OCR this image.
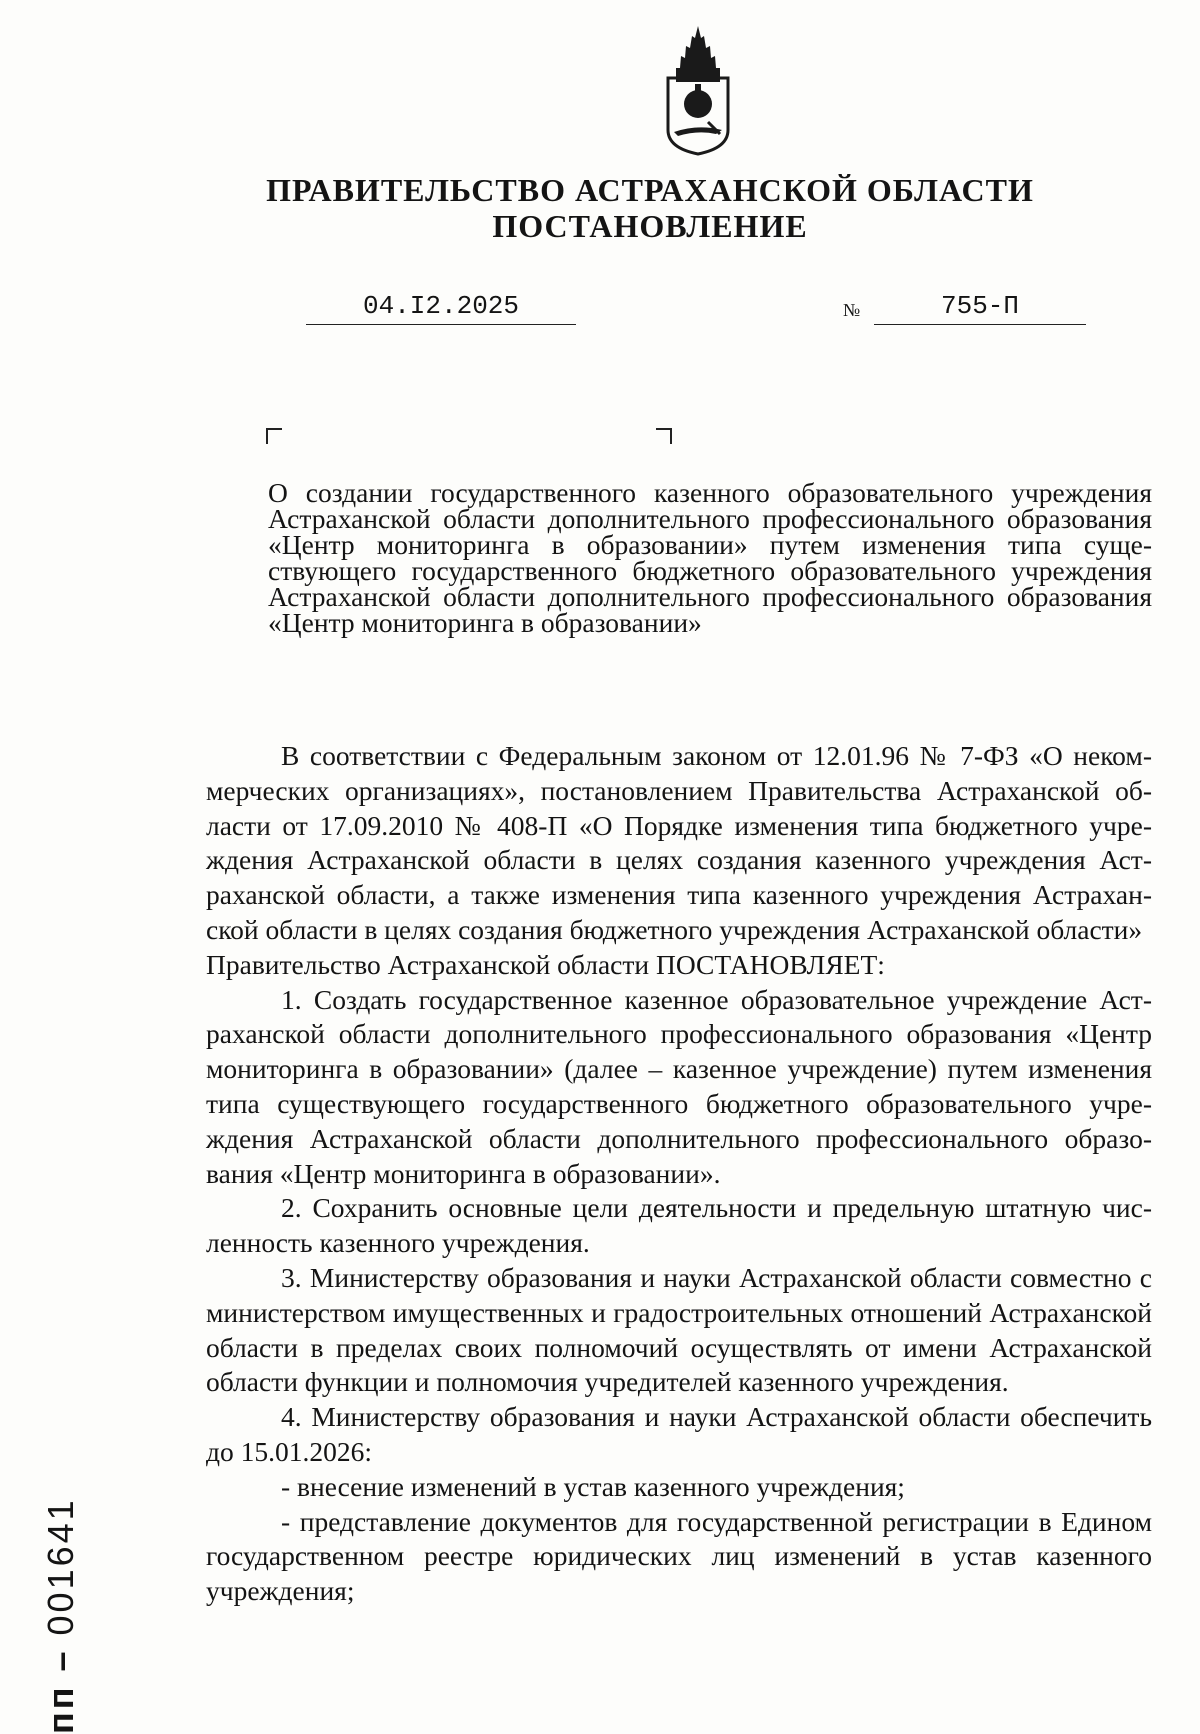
ПРАВИТЕЛЬСТВО АСТРАХАНСКОЙ ОБЛАСТИ
ПОСТАНОВЛЕНИЕ
04.I2.2025	№	755-П
О создании государственного казенного образовательного учреждения Астраханской области дополнительного профессионального образования «Центр мониторинга в образовании» путем изменения типа существующего государственного бюджетного образовательного учреждения Астраханской области дополнительного профессионального образования «Центр мониторинга в образовании»

В соответствии с Федеральным законом от 12.01.96 № 7-ФЗ «О некоммерческих организациях», постановлением Правительства Астраханской области от 17.09.2010 № 408-П «О Порядке изменения типа бюджетного учреждения Астраханской области в целях создания казенного учреждения Астраханской области, а также изменения типа казенного учреждения Астраханской области в целях создания бюджетного учреждения Астраханской области»

Правительство Астраханской области ПОСТАНОВЛЯЕТ:

1. Создать государственное казенное образовательное учреждение Астраханской области дополнительного профессионального образования «Центр мониторинга в образовании» (далее – казенное учреждение) путем изменения типа существующего государственного бюджетного образовательного учреждения Астраханской области дополнительного профессионального образования «Центр мониторинга в образовании».

2. Сохранить основные цели деятельности и предельную штатную численность казенного учреждения.

3. Министерству образования и науки Астраханской области совместно с министерством имущественных и градостроительных отношений Астраханской области в пределах своих полномочий осуществлять от имени Астраханской области функции и полномочия учредителей казенного учреждения.

4. Министерству образования и науки Астраханской области обеспечить до 15.01.2026:

- внесение изменений в устав казенного учреждения;

- представление документов для государственной регистрации в Едином государственном реестре юридических лиц изменений в устав казенного учреждения;

пп – 001641
